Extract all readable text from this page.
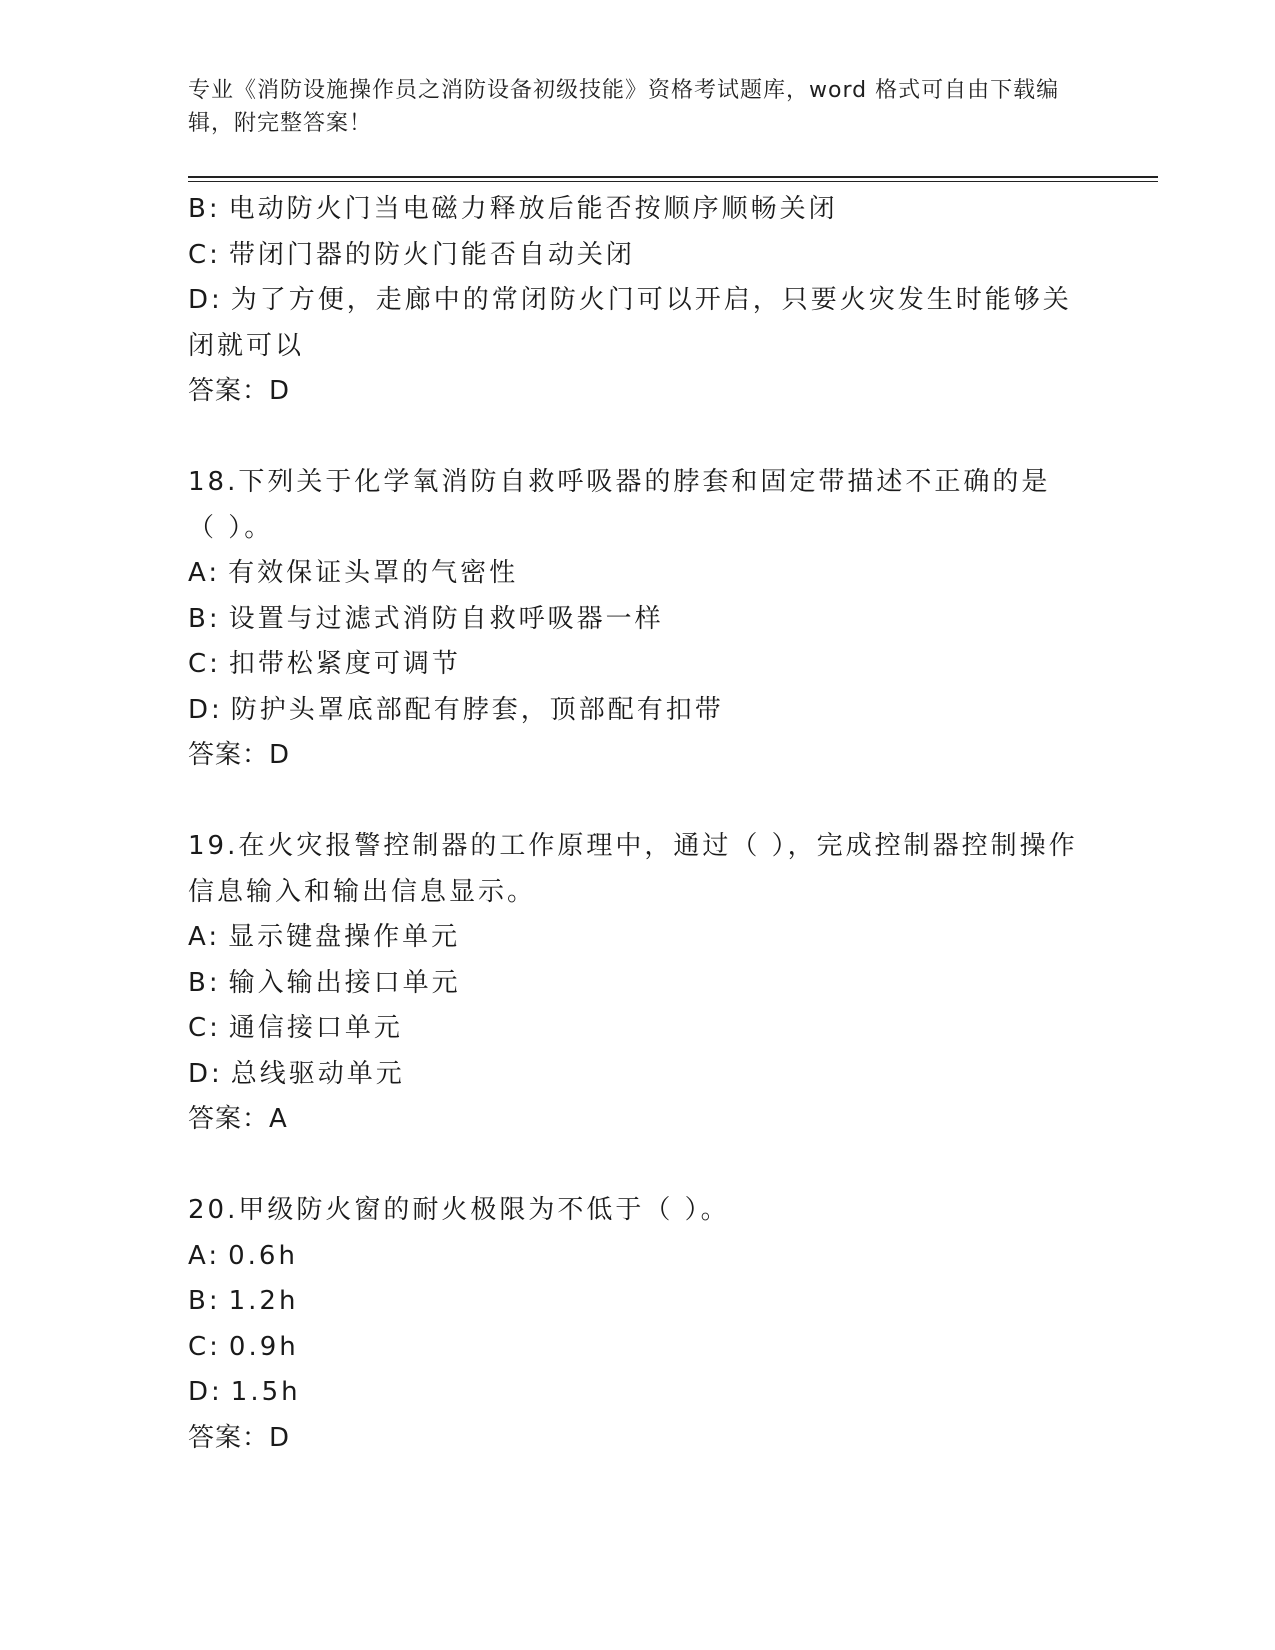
专业《消防设施操作员之消防设备初级技能》资格考试题库，word 格式可自由下载编辑，附完整答案！
B: 电动防火门当电磁力释放后能否按顺序顺畅关闭
C: 带闭门器的防火门能否自动关闭
D: 为了方便，走廊中的常闭防火门可以开启，只要火灾发生时能够关闭就可以
答案：D
18.下列关于化学氧消防自救呼吸器的脖套和固定带描述不正确的是（ ）。
A: 有效保证头罩的气密性
B: 设置与过滤式消防自救呼吸器一样
C: 扣带松紧度可调节
D: 防护头罩底部配有脖套，顶部配有扣带
答案：D
19.在火灾报警控制器的工作原理中，通过（ ），完成控制器控制操作信息输入和输出信息显示。
A: 显示键盘操作单元
B: 输入输出接口单元
C: 通信接口单元
D: 总线驱动单元
答案：A
20.甲级防火窗的耐火极限为不低于（ ）。
A: 0.6h
B: 1.2h
C: 0.9h
D: 1.5h
答案：D
